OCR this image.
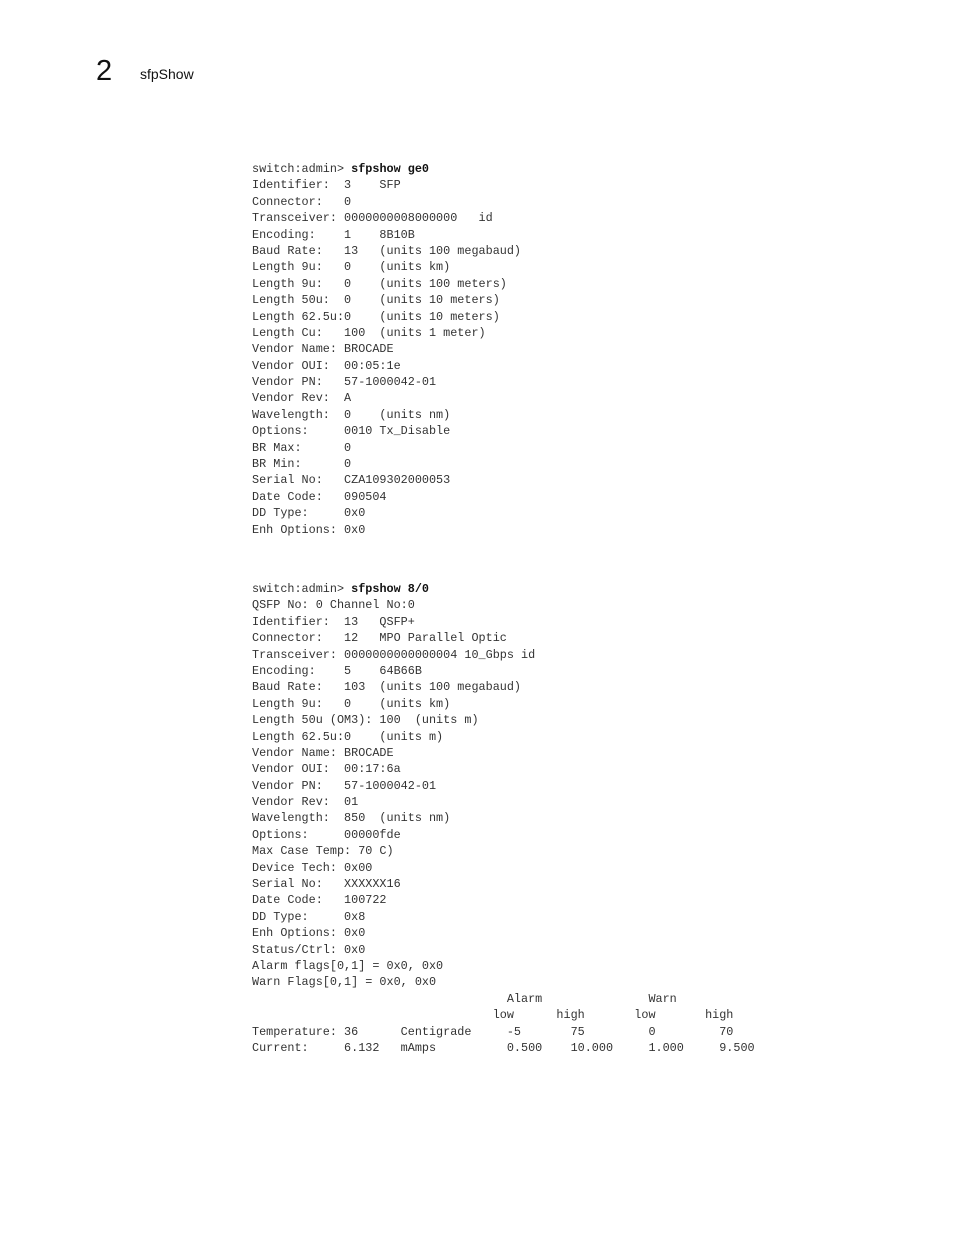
2 sfpShow
switch:admin> sfpshow ge0
Identifier:  3    SFP
Connector:   0
Transceiver: 0000000008000000   id
Encoding:    1    8B10B
Baud Rate:   13   (units 100 megabaud)
Length 9u:   0    (units km)
Length 9u:   0    (units 100 meters)
Length 50u:  0    (units 10 meters)
Length 62.5u:0    (units 10 meters)
Length Cu:   100  (units 1 meter)
Vendor Name: BROCADE
Vendor OUI:  00:05:1e
Vendor PN:   57-1000042-01
Vendor Rev:  A
Wavelength:  0    (units nm)
Options:     0010 Tx_Disable
BR Max:      0
BR Min:      0
Serial No:   CZA109302000053
Date Code:   090504
DD Type:     0x0
Enh Options: 0x0
switch:admin> sfpshow 8/0
QSFP No: 0 Channel No:0
Identifier:  13   QSFP+
Connector:   12   MPO Parallel Optic
Transceiver: 0000000000000004 10_Gbps id
Encoding:    5    64B66B
Baud Rate:   103  (units 100 megabaud)
Length 9u:   0    (units km)
Length 50u (OM3): 100  (units m)
Length 62.5u:0    (units m)
Vendor Name: BROCADE
Vendor OUI:  00:17:6a
Vendor PN:   57-1000042-01
Vendor Rev:  01
Wavelength:  850  (units nm)
Options:     00000fde
Max Case Temp: 70 C)
Device Tech: 0x00
Serial No:   XXXXXX16
Date Code:   100722
DD Type:     0x8
Enh Options: 0x0
Status/Ctrl: 0x0
Alarm flags[0,1] = 0x0, 0x0
Warn Flags[0,1] = 0x0, 0x0
Alarm               Warn
low      high       low       high
Temperature: 36      Centigrade     -5       75         0         70
Current:     6.132   mAmps          0.500    10.000     1.000     9.500
